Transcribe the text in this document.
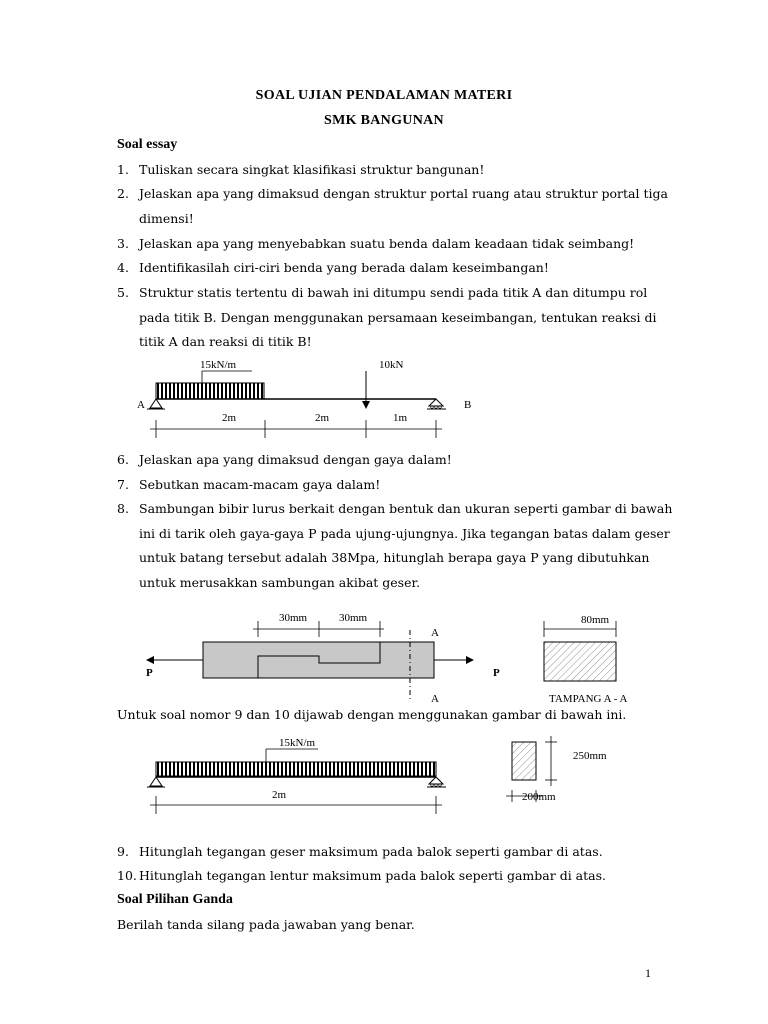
SOAL UJIAN PENDALAMAN MATERI
SMK BANGUNAN
Soal essay
1. Tuliskan secara singkat klasifikasi struktur bangunan!
2. Jelaskan apa yang dimaksud dengan struktur portal ruang atau struktur portal tiga
dimensi!
3. Jelaskan apa yang menyebabkan suatu benda dalam keadaan tidak seimbang!
4. Identifikasilah ciri-ciri benda yang berada dalam keseimbangan!
5. Struktur statis tertentu di bawah ini ditumpu sendi pada titik A dan ditumpu rol
pada titik B. Dengan menggunakan persamaan keseimbangan, tentukan reaksi di
titik A dan reaksi di titik B!
15kN/m	10kN
A	B
2m	2m	1m
6. Jelaskan apa yang dimaksud dengan gaya dalam!
7. Sebutkan macam-macam gaya dalam!
8. Sambungan bibir lurus berkait dengan bentuk dan ukuran seperti gambar di bawah
ini di tarik oleh gaya-gaya P pada ujung-ujungnya. Jika tegangan batas dalam geser
untuk batang tersebut adalah 38Mpa, hitunglah berapa gaya P yang dibutuhkan
untuk merusakkan sambungan akibat geser.
30mm	30mm
A
A
P	P
80mm
TAMPANG A - A
Untuk soal nomor 9 dan 10 dijawab dengan menggunakan gambar di bawah ini.
15kN/m
2m
250mm
200mm
9. Hitunglah tegangan geser maksimum pada balok seperti gambar di atas.
10. Hitunglah tegangan lentur maksimum pada balok seperti gambar di atas.
Soal Pilihan Ganda
Berilah tanda silang pada jawaban yang benar.
1
